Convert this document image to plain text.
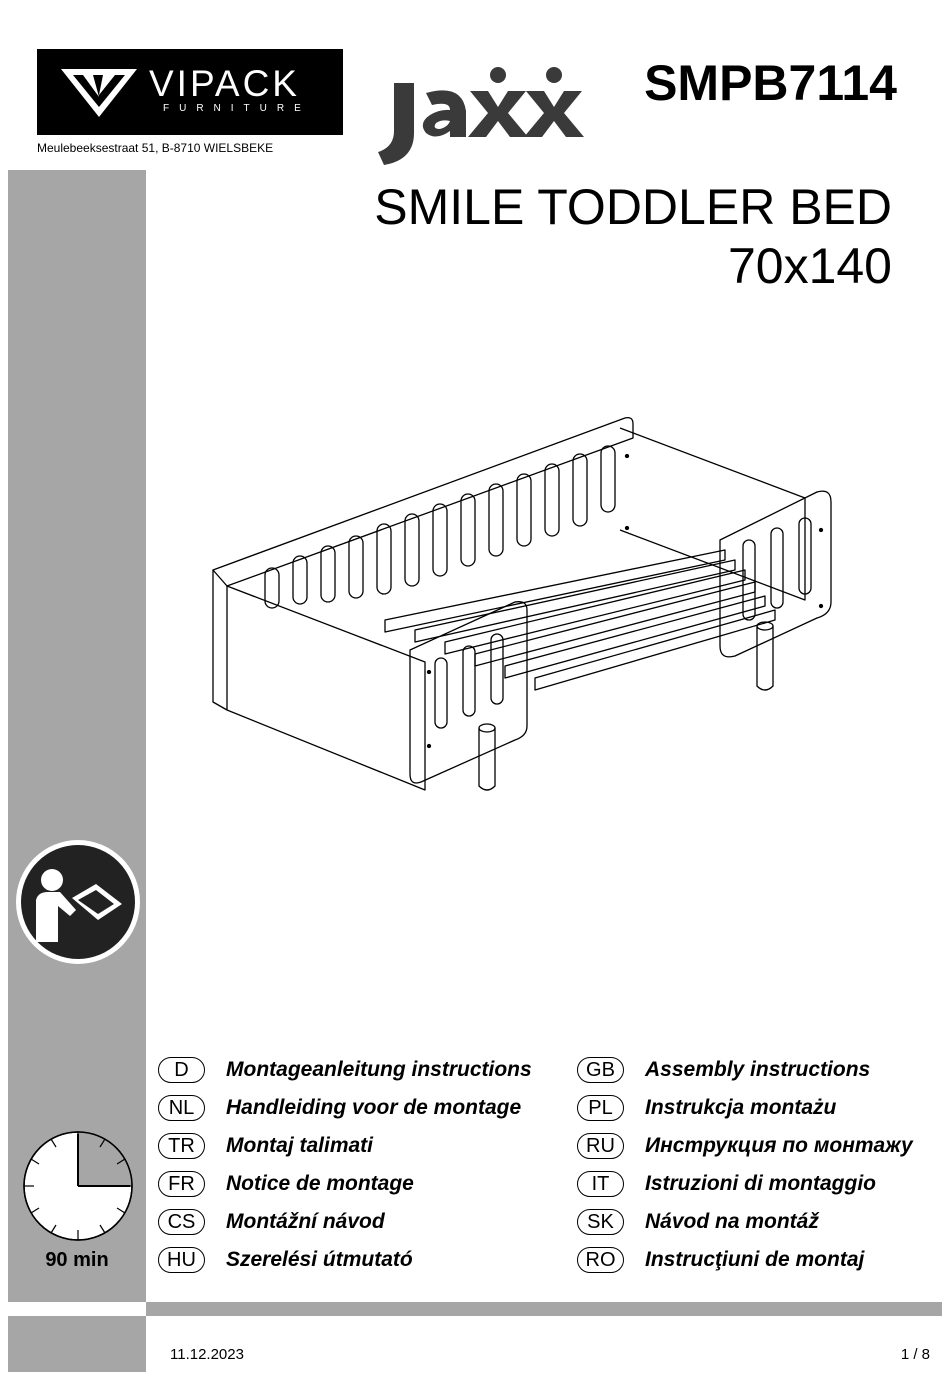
VIPACK
FURNITURE
Meulebeeksestraat 51, B-8710 WIELSBEKE
SMPB7114
SMILE TODDLER BED
70x140
90 min
D	Montageanleitung instructions
NL	Handleiding voor de montage
TR	Montaj talimati
FR	Notice de montage
CS	Montážní návod
HU	Szerelési útmutató
GB	Assembly instructions
PL	Instrukcja montażu
RU	Инструкция по монтажу
IT	Istruzioni di montaggio
SK	Návod na montáž
RO	Instrucţiuni de montaj
11.12.2023	1 / 8
